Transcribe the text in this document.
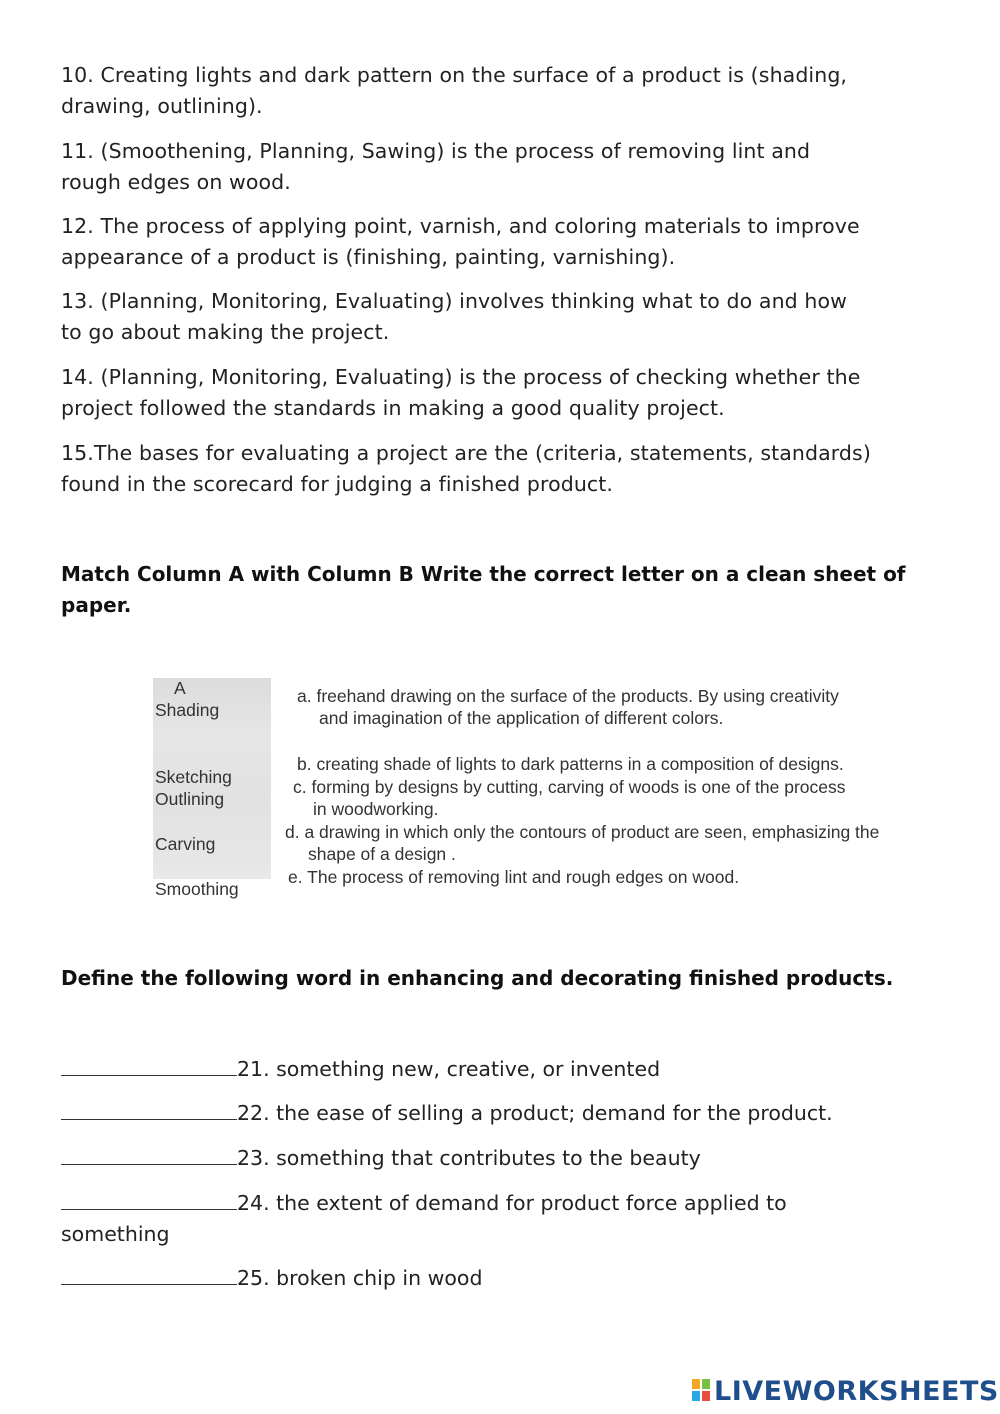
10. Creating lights and dark pattern on the surface of a product is (shading,
drawing, outlining).
11. (Smoothening, Planning, Sawing) is the process of removing lint and
rough edges on wood.
12. The process of applying point, varnish, and coloring materials to improve
appearance of a product is (finishing, painting, varnishing).
13. (Planning, Monitoring, Evaluating) involves thinking what to do and how
to go about making the project.
14. (Planning, Monitoring, Evaluating) is the process of checking whether the
project followed the standards in making a good quality project.
15.The bases for evaluating a project are the (criteria, statements, standards)
found in the scorecard for judging a finished product.
Match Column A with Column B Write the correct letter on a clean sheet of
paper.
A
Shading
Sketching
Outlining
Carving
Smoothing
a. freehand drawing on the surface of the products. By using creativity
and imagination of the application of different colors.
b. creating shade of lights to dark patterns in a composition of designs.
c. forming by designs by cutting, carving of woods is one of the process
in woodworking.
d. a drawing in which only the contours of product are seen, emphasizing the
shape of a design .
e. The process of removing lint and rough edges on wood.
Define the following word in enhancing and decorating finished products.
21. something new, creative, or invented
22. the ease of selling a product; demand for the product.
23. something that contributes to the beauty
24. the extent of demand for product force applied to
something
25. broken chip in wood
LIVEWORKSHEETS
